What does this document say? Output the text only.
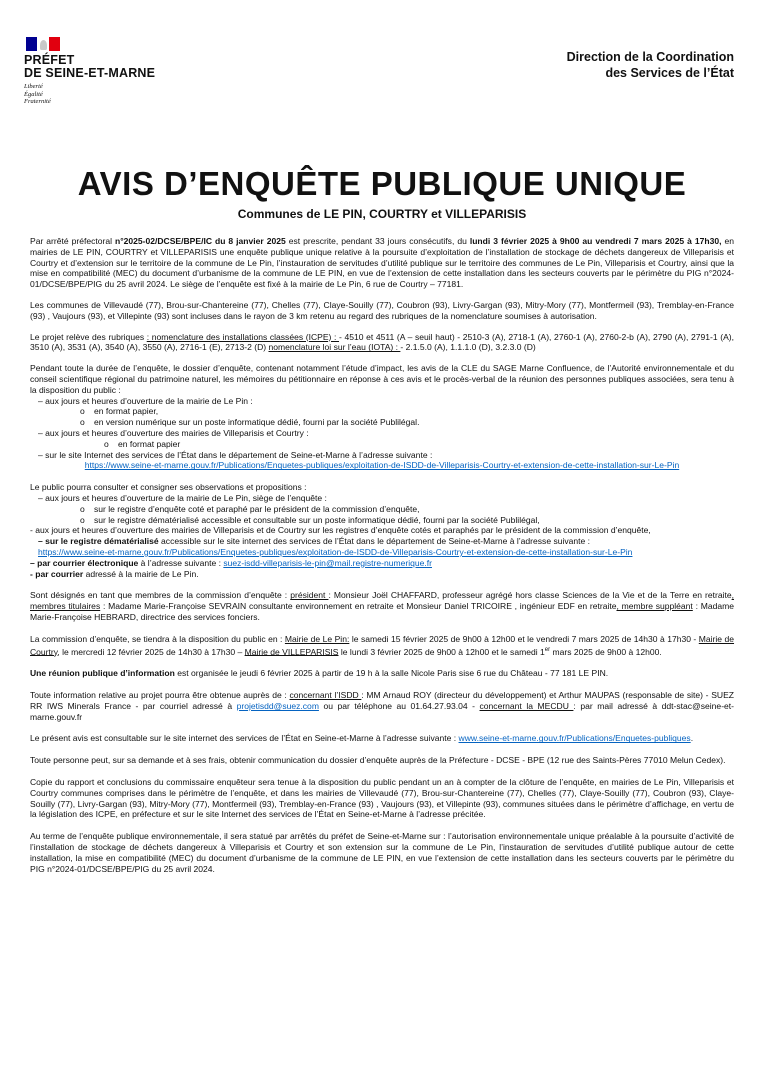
PRÉFET
DE SEINE-ET-MARNE
Liberté
Égalité
Fraternité
Direction de la Coordination
des Services de l’État
AVIS D’ENQUÊTE PUBLIQUE UNIQUE
Communes de LE PIN, COURTRY et VILLEPARISIS

Par arrêté préfectoral n°2025-02/DCSE/BPE/IC du 8 janvier 2025 est prescrite, pendant 33 jours consécutifs, du lundi 3 février 2025 à 9h00 au vendredi 7 mars 2025 à 17h30, en mairies de LE PIN, COURTRY et VILLEPARISIS une enquête publique unique relative à la poursuite d’exploitation de l’installation de stockage de déchets dangereux de Villeparisis et Courtry et d’extension sur le territoire de la commune de Le Pin, l’instauration de servitudes d’utilité publique sur le territoire des communes de Le Pin, Villeparisis et Courtry, ainsi que la mise en compatibilité (MEC) du document d’urbanisme de la commune de LE PIN, en vue de l’extension de cette installation dans les secteurs couverts par le périmètre du PIG n°2024-01/DCSE/BPE/PIG du 25 avril 2024. Le siège de l’enquête est fixé à la mairie de Le Pin, 6 rue de Courtry – 77181.

Les communes de Villevaudé (77), Brou-sur-Chantereine (77), Chelles (77), Claye-Souilly (77), Coubron (93), Livry-Gargan (93), Mitry-Mory (77), Montfermeil (93), Tremblay-en-France (93) , Vaujours (93), et Villepinte (93) sont incluses dans le rayon de 3 km retenu au regard des rubriques de la nomenclature soumises à autorisation.

Le projet relève des rubriques : nomenclature des installations classées (ICPE) : - 4510 et 4511 (A – seuil haut) - 2510-3 (A), 2718-1 (A), 2760-1 (A), 2760-2-b (A), 2790 (A), 2791-1 (A), 3510 (A), 3531 (A), 3540 (A), 3550 (A), 2716-1 (E), 2713-2 (D) nomenclature loi sur l’eau (IOTA) : - 2.1.5.0 (A), 1.1.1.0 (D), 3.2.3.0 (D)

Pendant toute la durée de l’enquête, le dossier d’enquête, contenant notamment l’étude d’impact, les avis de la CLE du SAGE Marne Confluence, de l’Autorité environnementale et du conseil scientifique régional du patrimoine naturel, les mémoires du pétitionnaire en réponse à ces avis et le procès-verbal de la réunion des personnes publiques associées, sera tenu à la disposition du public :

– aux jours et heures d’ouverture de la mairie de Le Pin :

o en format papier,

o en version numérique sur un poste informatique dédié, fourni par la société Publilégal.

– aux jours et heures d’ouverture des mairies de Villeparisis et Courtry :

o en format papier

– sur le site Internet des services de l’État dans le département de Seine-et-Marne à l’adresse suivante :

https://www.seine-et-marne.gouv.fr/Publications/Enquetes-publiques/exploitation-de-ISDD-de-Villeparisis-Courtry-et-extension-de-cette-installation-sur-Le-Pin

Le public pourra consulter et consigner ses observations et propositions :

– aux jours et heures d’ouverture de la mairie de Le Pin, siège de l’enquête :

o sur le registre d’enquête coté et paraphé par le président de la commission d’enquête,

o sur le registre dématérialisé accessible et consultable sur un poste informatique dédié, fourni par la société Publilégal,

- aux jours et heures d’ouverture des mairies de Villeparisis et de Courtry sur les registres d’enquête cotés et paraphés par le président de la commission d’enquête,

– sur le registre dématérialisé accessible sur le site internet des services de l’État dans le département de Seine-et-Marne à l’adresse suivante :
https://www.seine-et-marne.gouv.fr/Publications/Enquetes-publiques/exploitation-de-ISDD-de-Villeparisis-Courtry-et-extension-de-cette-installation-sur-Le-Pin

– par courrier électronique à l’adresse suivante : suez-isdd-villeparisis-le-pin@mail.registre-numerique.fr

- par courrier adressé à la mairie de Le Pin.

Sont désignés en tant que membres de la commission d’enquête : président : Monsieur Joël CHAFFARD, professeur agrégé hors classe Sciences de la Vie et de la Terre en retraite, membres titulaires : Madame Marie-Françoise SEVRAIN consultante environnement en retraite et Monsieur Daniel TRICOIRE , ingénieur EDF en retraite, membre suppléant : Madame Marie-Françoise HEBRARD, directrice des services fonciers.

La commission d’enquête, se tiendra à la disposition du public en : Mairie de Le Pin: le samedi 15 février 2025 de 9h00 à 12h00 et le vendredi 7 mars 2025 de 14h30 à 17h30 - Mairie de Courtry, le mercredi 12 février 2025 de 14h30 à 17h30 – Mairie de VILLEPARISIS le lundi 3 février 2025 de 9h00 à 12h00 et le samedi 1er mars 2025 de 9h00 à 12h00.

Une réunion publique d’information est organisée le jeudi 6 février 2025 à partir de 19 h à la salle Nicole Paris sise 6 rue du Château - 77 181 LE PIN.

Toute information relative au projet pourra être obtenue auprès de : concernant l’ISDD : MM Arnaud ROY (directeur du développement) et Arthur MAUPAS (responsable de site) - SUEZ RR IWS Minerals France - par courriel adressé à projetisdd@suez.com ou par téléphone au 01.64.27.93.04 - concernant la MECDU : par mail adressé à ddt-stac@seine-et-marne.gouv.fr

Le présent avis est consultable sur le site internet des services de l’État en Seine-et-Marne à l’adresse suivante : www.seine-et-marne.gouv.fr/Publications/Enquetes-publiques.

Toute personne peut, sur sa demande et à ses frais, obtenir communication du dossier d’enquête auprès de la Préfecture - DCSE - BPE (12 rue des Saints-Pères 77010 Melun Cedex).

Copie du rapport et conclusions du commissaire enquêteur sera tenue à la disposition du public pendant un an à compter de la clôture de l’enquête, en mairies de Le Pin, Villeparisis et Courtry communes comprises dans le périmètre de l’enquête, et dans les mairies de Villevaudé (77), Brou-sur-Chantereine (77), Chelles (77), Claye-Souilly (77), Coubron (93), Claye-Souilly (77), Livry-Gargan (93), Mitry-Mory (77), Montfermeil (93), Tremblay-en-France (93) , Vaujours (93), et Villepinte (93), communes situées dans le périmètre d’affichage, en vertu de la législation des ICPE, en préfecture et sur le site Internet des services de l’État en Seine-et-Marne à l’adresse précitée.

Au terme de l’enquête publique environnementale, il sera statué par arrêtés du préfet de Seine-et-Marne sur : l’autorisation environnementale unique préalable à la poursuite d’activité de l’installation de stockage de déchets dangereux à Villeparisis et Courtry et son extension sur la commune de Le Pin, l’instauration de servitudes d’utilité publique autour de cette installation, la mise en compatibilité (MEC) du document d’urbanisme de la commune de LE PIN, en vue l’extension de cette installation dans les secteurs couverts par le périmètre du PIG n°2024-01/DCSE/BPE/PIG du 25 avril 2024.
